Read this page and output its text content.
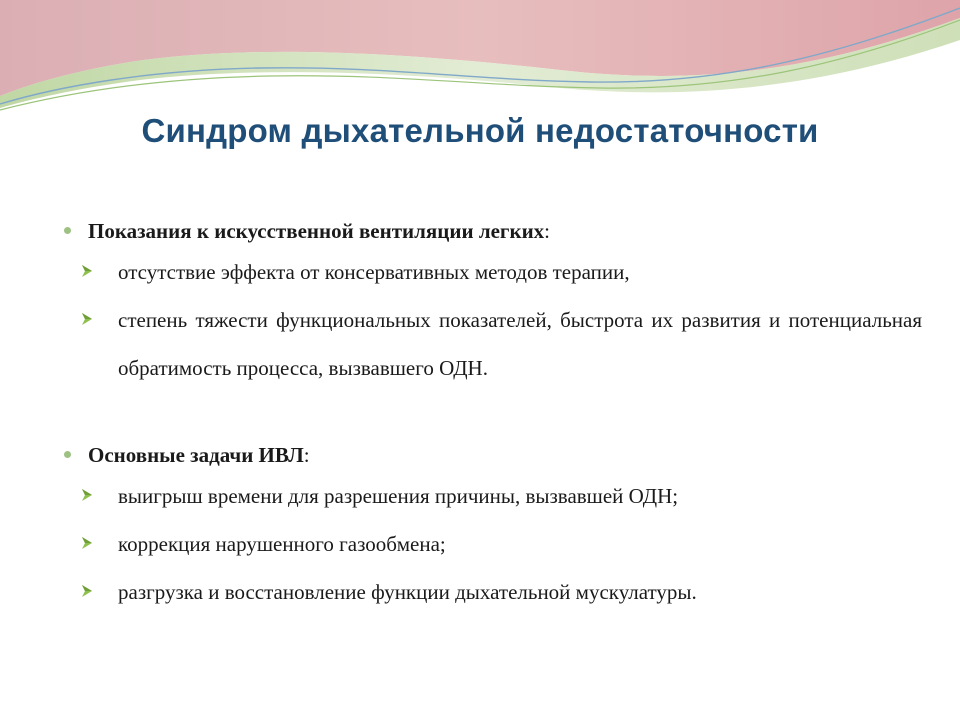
Синдром дыхательной недостаточности
Показания к искусственной вентиляции легких:
отсутствие эффекта от консервативных методов терапии,
степень тяжести функциональных показателей, быстрота их развития и потенциальная обратимость процесса, вызвавшего ОДН.
Основные задачи ИВЛ:
выигрыш времени для разрешения причины, вызвавшей ОДН;
коррекция нарушенного газообмена;
разгрузка и восстановление функции дыхательной мускулатуры.
